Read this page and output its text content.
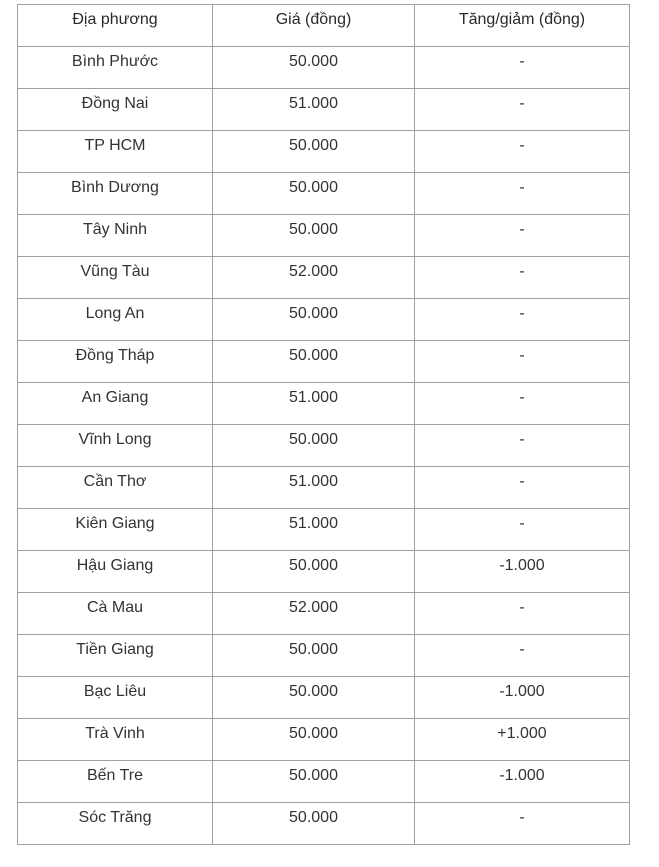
Địa phương	Giá (đồng)	Tăng/giảm (đồng)
Bình Phước	50.000	-
Đồng Nai	51.000	-
TP HCM	50.000	-
Bình Dương	50.000	-
Tây Ninh	50.000	-
Vũng Tàu	52.000	-
Long An	50.000	-
Đồng Tháp	50.000	-
An Giang	51.000	-
Vĩnh Long	50.000	-
Cần Thơ	51.000	-
Kiên Giang	51.000	-
Hậu Giang	50.000	-1.000
Cà Mau	52.000	-
Tiền Giang	50.000	-
Bạc Liêu	50.000	-1.000
Trà Vinh	50.000	+1.000
Bến Tre	50.000	-1.000
Sóc Trăng	50.000	-
